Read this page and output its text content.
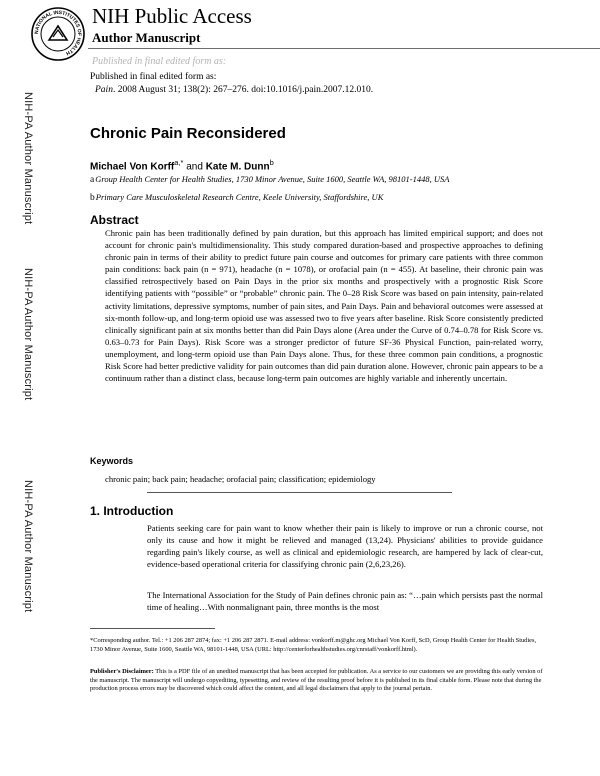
NATIONAL INSTITUTES OF HEALTH
NIH Public Access
Author Manuscript
Published in final edited form as:
Published in final edited form as:
Pain. 2008 August 31; 138(2): 267–276. doi:10.1016/j.pain.2007.12.010.
NIH-PA Author Manuscript
NIH-PA Author Manuscript
NIH-PA Author Manuscript
Chronic Pain Reconsidered
Michael Von Korff$^{a,*}$ and Kate M. Dunn$^b$
aGroup Health Center for Health Studies, 1730 Minor Avenue, Suite 1600, Seattle WA, 98101-1448, USA
bPrimary Care Musculoskeletal Research Centre, Keele University, Staffordshire, UK
Abstract
Chronic pain has been traditionally defined by pain duration, but this approach has limited empirical support; and does not account for chronic pain's multidimensionality. This study compared duration-based and prospective approaches to defining chronic pain in terms of their ability to predict future pain course and outcomes for primary care patients with three common pain conditions: back pain (n = 971), headache (n = 1078), or orofacial pain (n = 455). At baseline, their chronic pain was classified retrospectively based on Pain Days in the prior six months and prospectively with a prognostic Risk Score identifying patients with “possible” or “probable” chronic pain. The 0–28 Risk Score was based on pain intensity, pain-related activity limitations, depressive symptoms, number of pain sites, and Pain Days. Pain and behavioral outcomes were assessed at six-month follow-up, and long-term opioid use was assessed two to five years after baseline. Risk Score consistently predicted clinically significant pain at six months better than did Pain Days alone (Area under the Curve of 0.74–0.78 for Risk Score vs. 0.63–0.73 for Pain Days). Risk Score was a stronger predictor of future SF-36 Physical Function, pain-related worry, unemployment, and long-term opioid use than Pain Days alone. Thus, for these three common pain conditions, a prognostic Risk Score had better predictive validity for pain outcomes than did pain duration alone. However, chronic pain appears to be a continuum rather than a distinct class, because long-term pain outcomes are highly variable and inherently uncertain.
Keywords
chronic pain; back pain; headache; orofacial pain; classification; epidemiology
1. Introduction
Patients seeking care for pain want to know whether their pain is likely to improve or run a chronic course, not only its cause and how it might be relieved and managed (13,24). Physicians' abilities to provide guidance regarding pain's likely course, as well as clinical and epidemiologic research, are hampered by lack of clear-cut, evidence-based operational criteria for classifying chronic pain (2,6,23,26).
The International Association for the Study of Pain defines chronic pain as: “…pain which persists past the normal time of healing…With nonmalignant pain, three months is the most
*Corresponding author. Tel.: +1 206 287 2874; fax: +1 206 287 2871. E-mail address: vonkorff.m@ghc.org Michael Von Korff, ScD, Group Health Center for Health Studies, 1730 Minor Avenue, Suite 1600, Seattle WA, 98101-1448, USA (URL: http://centerforhealthstudies.org/cnrstaff/vonkorff.html).
Publisher's Disclaimer: This is a PDF file of an unedited manuscript that has been accepted for publication. As a service to our customers we are providing this early version of the manuscript. The manuscript will undergo copyediting, typesetting, and review of the resulting proof before it is published in its final citable form. Please note that during the production process errors may be discovered which could affect the content, and all legal disclaimers that apply to the journal pertain.
